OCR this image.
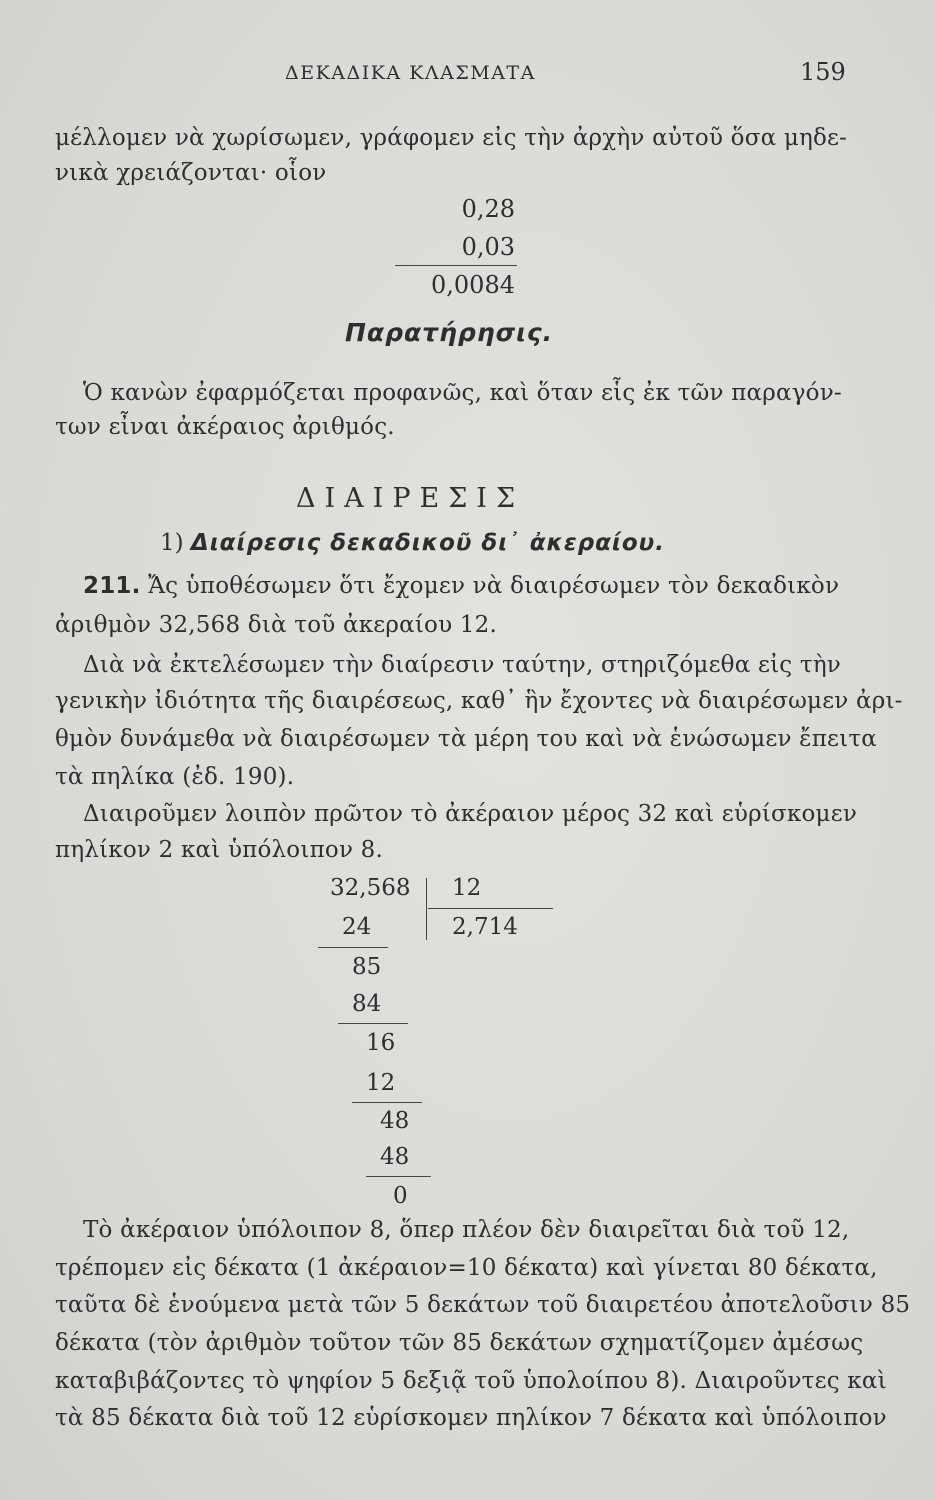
ΔΕΚΑΔΙΚΑ ΚΛΑΣΜΑΤΑ	159
μέλλομεν νὰ χωρίσωμεν, γράφομεν εἰς τὴν ἀρχὴν αὐτοῦ ὅσα μηδε-
νικὰ χρειάζονται· οἷον
0,28
0,03
0,0084
Παρατήρησις.
Ὁ κανὼν ἐφαρμόζεται προφανῶς, καὶ ὅταν εἷς ἐκ τῶν παραγόν-
των εἶναι ἀκέραιος ἀριθμός.
ΔΙΑΙΡΕΣΙΣ
1) Διαίρεσις δεκαδικοῦ δι᾽ ἀκεραίου.
211. Ἄς ὑποθέσωμεν ὅτι ἔχομεν νὰ διαιρέσωμεν τὸν δεκαδικὸν
ἀριθμὸν 32,568 διὰ τοῦ ἀκεραίου 12.
Διὰ νὰ ἐκτελέσωμεν τὴν διαίρεσιν ταύτην, στηριζόμεθα εἰς τὴν
γενικὴν ἰδιότητα τῆς διαιρέσεως, καθ᾽ ἣν ἔχοντες νὰ διαιρέσωμεν ἀρι-
θμὸν δυνάμεθα νὰ διαιρέσωμεν τὰ μέρη του καὶ νὰ ἑνώσωμεν ἔπειτα
τὰ πηλίκα (ἐδ. 190).
Διαιροῦμεν λοιπὸν πρῶτον τὸ ἀκέραιον μέρος 32 καὶ εὑρίσκομεν
πηλίκον 2 καὶ ὑπόλοιπον 8.
32,568 12
2,714
24
85
84
16
12
48
48
0
Τὸ ἀκέραιον ὑπόλοιπον 8, ὅπερ πλέον δὲν διαιρεῖται διὰ τοῦ 12,
τρέπομεν εἰς δέκατα (1 ἀκέραιον=10 δέκατα) καὶ γίνεται 80 δέκατα,
ταῦτα δὲ ἑνούμενα μετὰ τῶν 5 δεκάτων τοῦ διαιρετέου ἀποτελοῦσιν 85
δέκατα (τὸν ἀριθμὸν τοῦτον τῶν 85 δεκάτων σχηματίζομεν ἀμέσως
καταβιβάζοντες τὸ ψηφίον 5 δεξιᾷ τοῦ ὑπολοίπου 8). Διαιροῦντες καὶ
τὰ 85 δέκατα διὰ τοῦ 12 εὑρίσκομεν πηλίκον 7 δέκατα καὶ ὑπόλοιπον
